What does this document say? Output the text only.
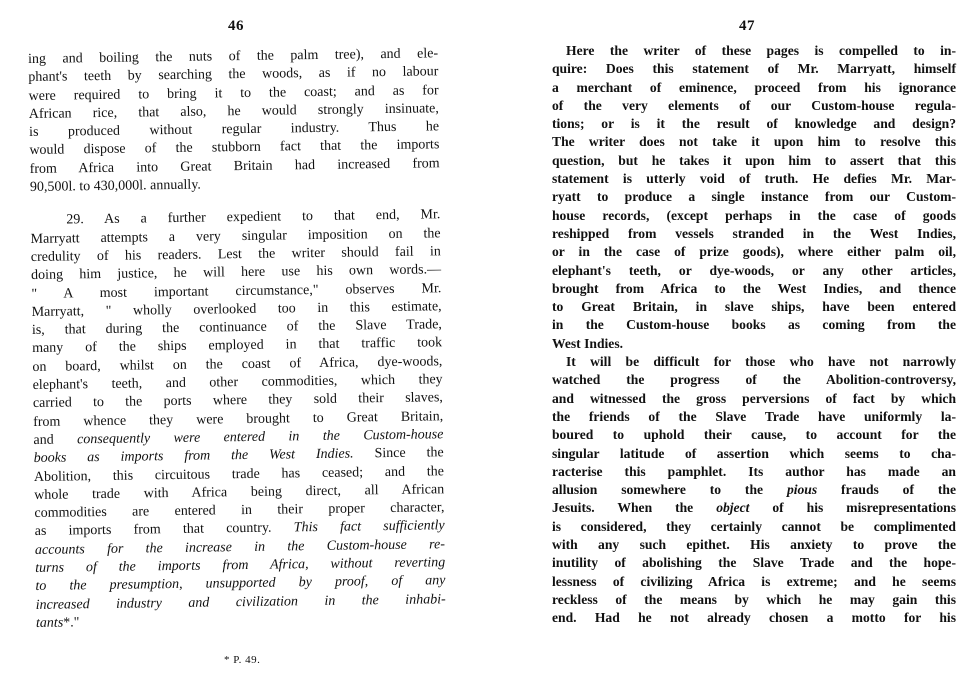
46

ing and boiling the nuts of the palm tree), and ele-
phant's teeth by searching the woods, as if no labour
were required to bring it to the coast; and as for
African rice, that also, he would strongly insinuate,
is produced without regular industry. Thus he
would dispose of the stubborn fact that the imports
from Africa into Great Britain had increased from
90,500l. to 430,000l. annually.

29. As a further expedient to that end, Mr.
Marryatt attempts a very singular imposition on the
credulity of his readers. Lest the writer should fail in
doing him justice, he will here use his own words.—
" A most important circumstance," observes Mr.
Marryatt, " wholly overlooked too in this estimate,
is, that during the continuance of the Slave Trade,
many of the ships employed in that traffic took
on board, whilst on the coast of Africa, dye-woods,
elephant's teeth, and other commodities, which they
carried to the ports where they sold their slaves,
from whence they were brought to Great Britain,
and consequently were entered in the Custom-house
books as imports from the West Indies. Since the
Abolition, this circuitous trade has ceased; and the
whole trade with Africa being direct, all African
commodities are entered in their proper character,
as imports from that country. This fact sufficiently
accounts for the increase in the Custom-house re-
turns of the imports from Africa, without reverting
to the presumption, unsupported by proof, of any
increased industry and civilization in the inhabi-
tants*."

* P. 49.
47

Here the writer of these pages is compelled to in-
quire: Does this statement of Mr. Marryatt, himself
a merchant of eminence, proceed from his ignorance
of the very elements of our Custom-house regula-
tions; or is it the result of knowledge and design?
The writer does not take it upon him to resolve this
question, but he takes it upon him to assert that this
statement is utterly void of truth. He defies Mr. Mar-
ryatt to produce a single instance from our Custom-
house records, (except perhaps in the case of goods
reshipped from vessels stranded in the West Indies,
or in the case of prize goods), where either palm oil,
elephant's teeth, or dye-woods, or any other articles,
brought from Africa to the West Indies, and thence
to Great Britain, in slave ships, have been entered
in the Custom-house books as coming from the
West Indies.

It will be difficult for those who have not narrowly
watched the progress of the Abolition-controversy,
and witnessed the gross perversions of fact by which
the friends of the Slave Trade have uniformly la-
boured to uphold their cause, to account for the
singular latitude of assertion which seems to cha-
racterise this pamphlet. Its author has made an
allusion somewhere to the pious frauds of the
Jesuits. When the object of his misrepresentations
is considered, they certainly cannot be complimented
with any such epithet. His anxiety to prove the
inutility of abolishing the Slave Trade and the hope-
lessness of civilizing Africa is extreme; and he seems
reckless of the means by which he may gain this
end. Had he not already chosen a motto for his
